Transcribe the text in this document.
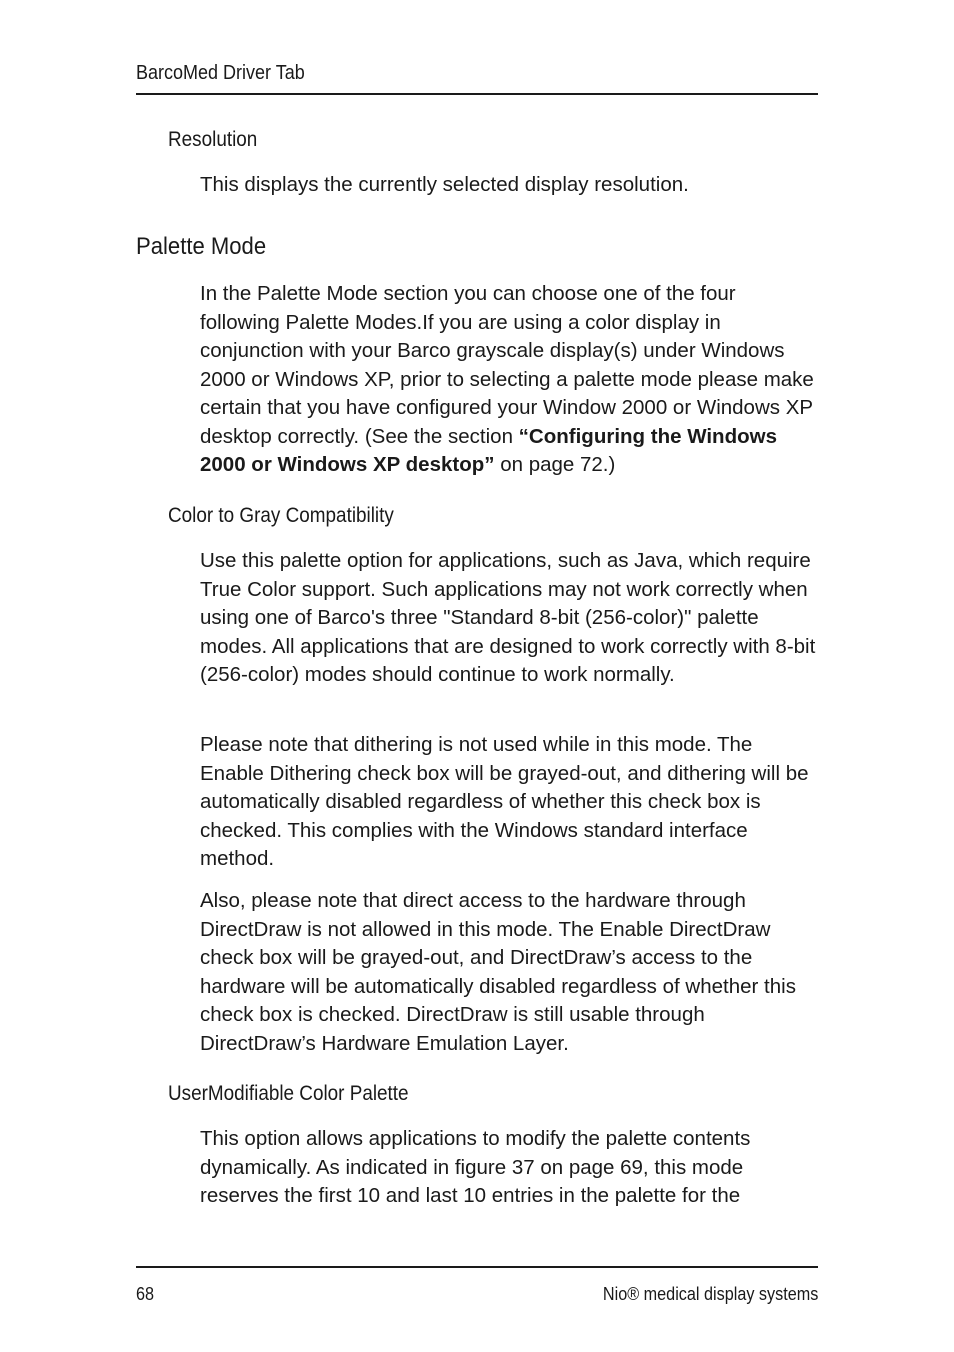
BarcoMed Driver Tab
Resolution
This displays the currently selected display resolution.
Palette Mode
In the Palette Mode section you can choose one of the four following Palette Modes.If you are using a color display in conjunction with your Barco grayscale display(s) under Windows 2000 or Windows XP, prior to selecting a palette mode please make certain that you have configured your Window 2000 or Windows XP desktop correctly. (See the section “Configuring the Windows 2000 or Windows XP desktop” on page 72.)
Color to Gray Compatibility
Use this palette option for applications, such as Java, which require True Color support. Such applications may not work correctly when using one of Barco's three "Standard 8-bit (256-color)" palette modes. All applications that are designed to work correctly with 8-bit (256-color) modes should continue to work normally.
Please note that dithering is not used while in this mode. The Enable Dithering check box will be grayed-out, and dithering will be automatically disabled regardless of whether this check box is checked. This complies with the Windows standard interface method.
Also, please note that direct access to the hardware through DirectDraw is not allowed in this mode. The Enable DirectDraw check box will be grayed-out, and DirectDraw’s access to the hardware will be automatically disabled regardless of whether this check box is checked. DirectDraw is still usable through DirectDraw’s Hardware Emulation Layer.
UserModifiable Color Palette
This option allows applications to modify the palette contents dynamically. As indicated in figure 37 on page 69, this mode reserves the first 10 and last 10 entries in the palette for the
68	Nio® medical display systems
